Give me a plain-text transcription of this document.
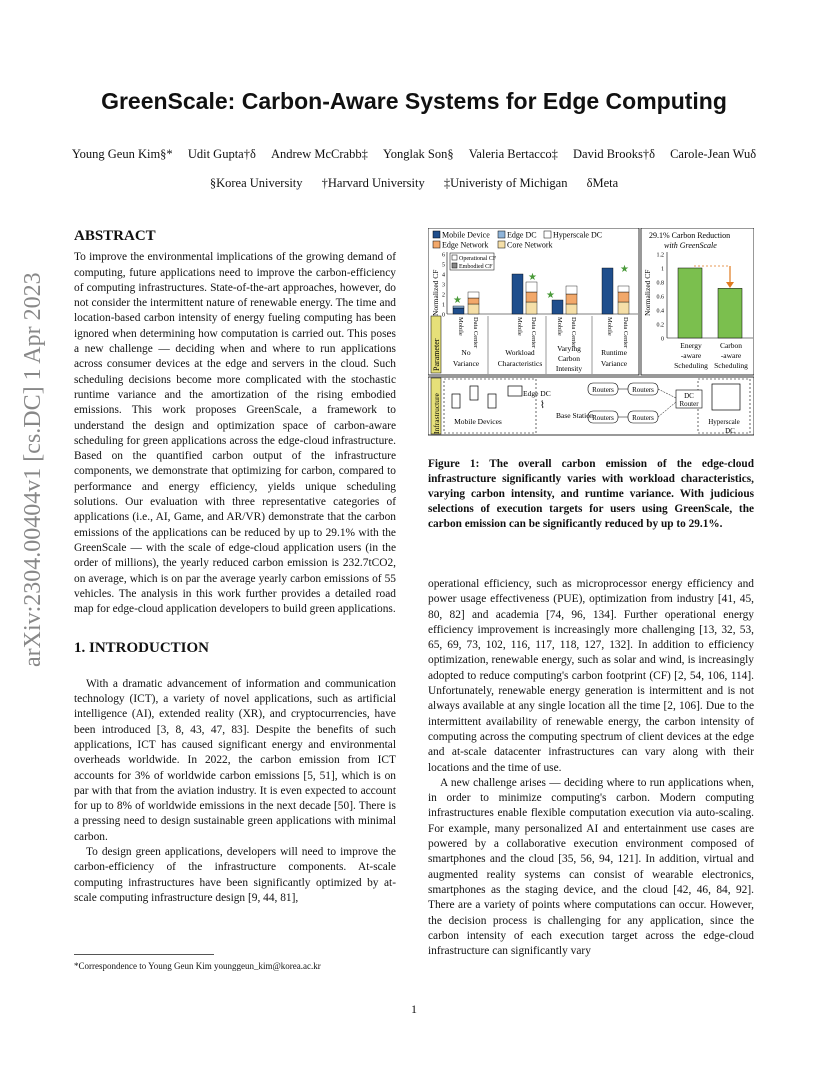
GreenScale: Carbon-Aware Systems for Edge Computing
Young Geun Kim§* Udit Gupta†δ Andrew McCrabb‡ Yonglak Son§ Valeria Bertacco‡ David Brooks†δ Carole-Jean Wuδ
§Korea University †Harvard University ‡Univeristy of Michigan δMeta
arXiv:2304.00404v1 [cs.DC] 1 Apr 2023
ABSTRACT

To improve the environmental implications of the growing demand of computing, future applications need to improve the carbon-efficiency of computing infrastructures. State-of-the-art approaches, however, do not consider the intermittent nature of renewable energy. The time and location-based carbon intensity of energy fueling computing has been ignored when determining how computation is carried out. This poses a new challenge — deciding when and where to run applications across consumer devices at the edge and servers in the cloud. Such scheduling decisions become more complicated with the stochastic runtime variance and the amortization of the rising embodied emissions. This work proposes GreenScale, a framework to understand the design and optimization space of carbon-aware scheduling for green applications across the edge-cloud infrastructure. Based on the quantified carbon output of the infrastructure components, we demonstrate that optimizing for carbon, compared to performance and energy efficiency, yields unique scheduling solutions. Our evaluation with three representative categories of applications (i.e., AI, Game, and AR/VR) demonstrate that the carbon emissions of the applications can be reduced by up to 29.1% with the GreenScale — with the scale of edge-cloud application users (in the order of millions), the yearly reduced carbon emission is 232.7tCO2, on average, which is on par the average yearly carbon emissions of 55 vehicles. The analysis in this work further provides a detailed road map for edge-cloud application developers to build green applications.

1. INTRODUCTION

With a dramatic advancement of information and communication technology (ICT), a variety of novel applications, such as artificial intelligence (AI), extended reality (XR), and cryptocurrencies, have been introduced [3, 8, 43, 47, 83]. Despite the benefits of such applications, ICT has caused significant energy and environmental overheads worldwide. In 2022, the carbon emission from ICT accounts for 3% of worldwide carbon emissions [5, 51], which is on par with that from the aviation industry. It is even expected to account for up to 8% of worldwide emissions in the next decade [50]. There is a pressing need to design sustainable green applications with minimal carbon.

To design green applications, developers will need to improve the carbon-efficiency of the infrastructure components. At-scale computing infrastructures have been significantly optimized by at-scale computing infrastructure design [9, 44, 81],

Mobile Device Edge DC Hyperscale DC
Edge Network Core Network
Normalized CF 0
1
2
3
4
5
6
Operational CF
Embodied CF
★
★
★
★
Parameter
Mobile Data Center	Mobile Data Center	Mobile Data Center	Mobile Data Center
No
Variance
Workload
Characteristics
Varying
Carbon
Intensity
Runtime
Variance
29.1% Carbon Reduction
with GreenScale
Normalized CF
0
0.2
0.4
0.6
0.8
1
1.2
Energy
-aware
Scheduling
Carbon
-aware
Scheduling
Infrastructure Mobile Devices
Edge DC
Base Station
⌇
Routers	Routers
Routers	Routers
DC
Router
Hyperscale
DC
Figure 1: The overall carbon emission of the edge-cloud infrastructure significantly varies with workload characteristics, varying carbon intensity, and runtime variance. With judicious selections of execution targets for users using GreenScale, the carbon emission can be significantly reduced by up to 29.1%.

operational efficiency, such as microprocessor energy efficiency and power usage effectiveness (PUE), optimization from industry [41, 45, 80, 82] and academia [74, 96, 134]. Further operational energy efficiency improvement is increasingly more challenging [13, 32, 53, 65, 69, 73, 102, 116, 117, 118, 127, 132]. In addition to efficiency optimization, renewable energy, such as solar and wind, is increasingly adopted to reduce computing's carbon footprint (CF) [2, 54, 106, 114]. Unfortunately, renewable energy generation is intermittent and is not always available at any single location all the time [2, 106]. Due to the intermittent availability of renewable energy, the carbon intensity of computing across the computing spectrum of client devices at the edge and at-scale datacenter infrastructures can vary along with their locations and the time of use.

A new challenge arises — deciding where to run applications when, in order to minimize computing's carbon. Modern computing infrastructures enable flexible computation execution via auto-scaling. For example, many personalized AI and entertainment use cases are powered by a collaborative execution environment composed of smartphones and the cloud [35, 56, 94, 121]. In addition, virtual and augmented reality systems can consist of wearable electronics, smartphones as the staging device, and the cloud [42, 46, 84, 92]. There are a variety of points where computations can occur. However, the decision process is challenging for any application, since the carbon intensity of each execution target across the edge-cloud infrastructure can significantly vary

*Correspondence to Young Geun Kim younggeun_kim@korea.ac.kr
1
